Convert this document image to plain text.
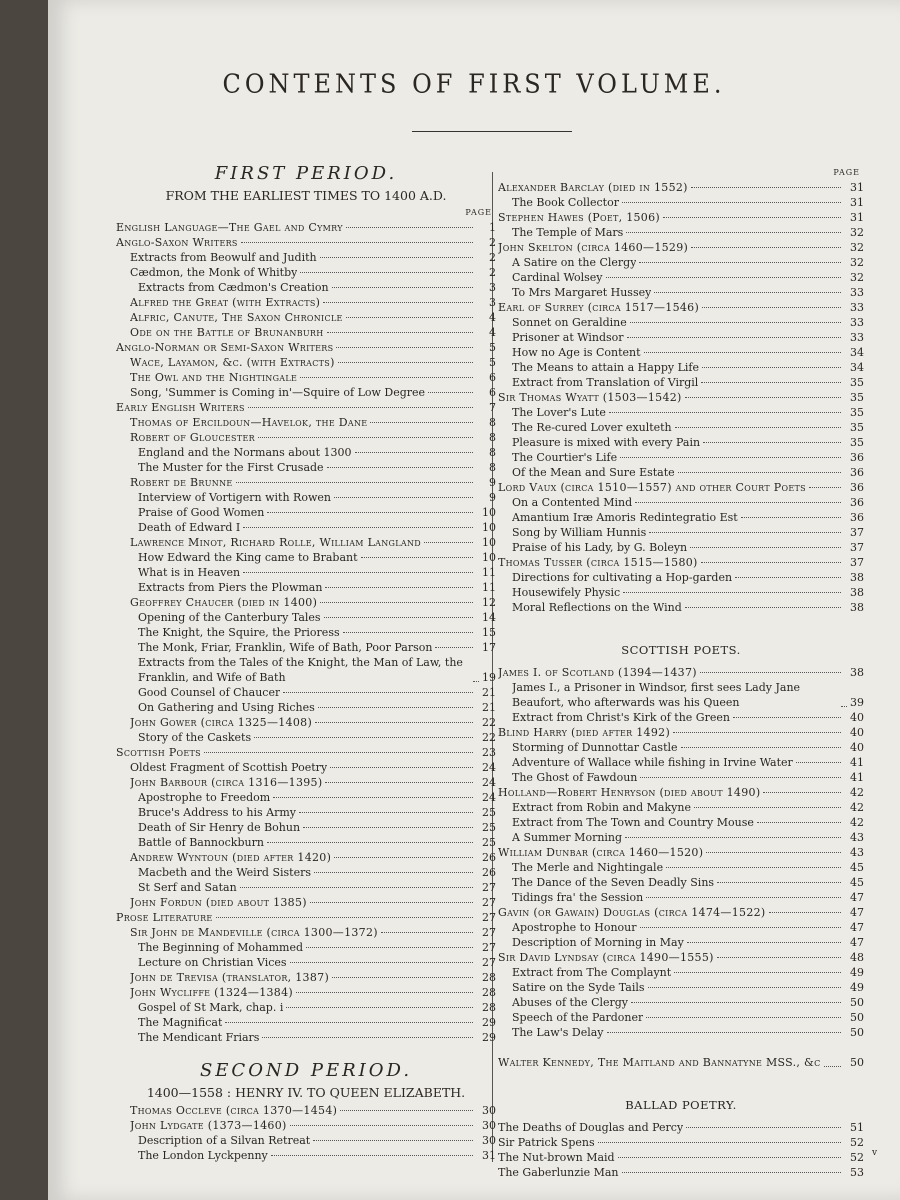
CONTENTS OF FIRST VOLUME.
FIRST PERIOD.
FROM THE EARLIEST TIMES TO 1400 A.D.
PAGE
English Language—The Gael and Cymry	1
Anglo-Saxon Writers	2
Extracts from Beowulf and Judith	2
Cædmon, the Monk of Whitby	2
Extracts from Cædmon's Creation	3
Alfred the Great (with Extracts)	3
Alfric, Canute, The Saxon Chronicle	4
Ode on the Battle of Brunanburh	4
Anglo-Norman or Semi-Saxon Writers	5
Wace, Layamon, &c. (with Extracts)	5
The Owl and the Nightingale	6
Song, 'Summer is Coming in'—Squire of Low Degree	6
Early English Writers	7
Thomas of Ercildoun—Havelok, the Dane	8
Robert of Gloucester	8
England and the Normans about 1300	8
The Muster for the First Crusade	8
Robert de Brunne	9
Interview of Vortigern with Rowen	9
Praise of Good Women	10
Death of Edward I	10
Lawrence Minot, Richard Rolle, William Langland	10
How Edward the King came to Brabant	10
What is in Heaven	11
Extracts from Piers the Plowman	11
Geoffrey Chaucer (died in 1400)	12
Opening of the Canterbury Tales	14
The Knight, the Squire, the Prioress	15
The Monk, Friar, Franklin, Wife of Bath, Poor Parson	17
Extracts from the Tales of the Knight, the Man of Law, the Franklin, and Wife of Bath	19
Good Counsel of Chaucer	21
On Gathering and Using Riches	21
John Gower (circa 1325—1408)	22
Story of the Caskets	22
Scottish Poets	23
Oldest Fragment of Scottish Poetry	24
John Barbour (circa 1316—1395)	24
Apostrophe to Freedom	24
Bruce's Address to his Army	25
Death of Sir Henry de Bohun	25
Battle of Bannockburn	25
Andrew Wyntoun (died after 1420)	26
Macbeth and the Weird Sisters	26
St Serf and Satan	27
John Fordun (died about 1385)	27
Prose Literature	27
Sir John de Mandeville (circa 1300—1372)	27
The Beginning of Mohammed	27
Lecture on Christian Vices	27
John de Trevisa (translator, 1387)	28
John Wycliffe (1324—1384)	28
Gospel of St Mark, chap. i	28
The Magnificat	29
The Mendicant Friars	29
SECOND PERIOD.
1400—1558 : HENRY IV. TO QUEEN ELIZABETH.
Thomas Occleve (circa 1370—1454)	30
John Lydgate (1373—1460)	30
Description of a Silvan Retreat	30
The London Lyckpenny	31
PAGE
Alexander Barclay (died in 1552)	31
The Book Collector	31
Stephen Hawes (Poet, 1506)	31
The Temple of Mars	32
John Skelton (circa 1460—1529)	32
A Satire on the Clergy	32
Cardinal Wolsey	32
To Mrs Margaret Hussey	33
Earl of Surrey (circa 1517—1546)	33
Sonnet on Geraldine	33
Prisoner at Windsor	33
How no Age is Content	34
The Means to attain a Happy Life	34
Extract from Translation of Virgil	35
Sir Thomas Wyatt (1503—1542)	35
The Lover's Lute	35
The Re-cured Lover exulteth	35
Pleasure is mixed with every Pain	35
The Courtier's Life	36
Of the Mean and Sure Estate	36
Lord Vaux (circa 1510—1557) and other Court Poets	36
On a Contented Mind	36
Amantium Iræ Amoris Redintegratio Est	36
Song by William Hunnis	37
Praise of his Lady, by G. Boleyn	37
Thomas Tusser (circa 1515—1580)	37
Directions for cultivating a Hop-garden	38
Housewifely Physic	38
Moral Reflections on the Wind	38
SCOTTISH POETS.
James I. of Scotland (1394—1437)	38
James I., a Prisoner in Windsor, first sees Lady Jane Beaufort, who afterwards was his Queen	39
Extract from Christ's Kirk of the Green	40
Blind Harry (died after 1492)	40
Storming of Dunnottar Castle	40
Adventure of Wallace while fishing in Irvine Water	41
The Ghost of Fawdoun	41
Holland—Robert Henryson (died about 1490)	42
Extract from Robin and Makyne	42
Extract from The Town and Country Mouse	42
A Summer Morning	43
William Dunbar (circa 1460—1520)	43
The Merle and Nightingale	45
The Dance of the Seven Deadly Sins	45
Tidings fra' the Session	47
Gavin (or Gawain) Douglas (circa 1474—1522)	47
Apostrophe to Honour	47
Description of Morning in May	47
Sir David Lyndsay (circa 1490—1555)	48
Extract from The Complaynt	49
Satire on the Syde Tails	49
Abuses of the Clergy	50
Speech of the Pardoner	50
The Law's Delay	50
Walter Kennedy, The Maitland and Bannatyne MSS., &c	50
BALLAD POETRY.
The Deaths of Douglas and Percy	51
Sir Patrick Spens	52
The Nut-brown Maid	52
The Gaberlunzie Man	53
v
